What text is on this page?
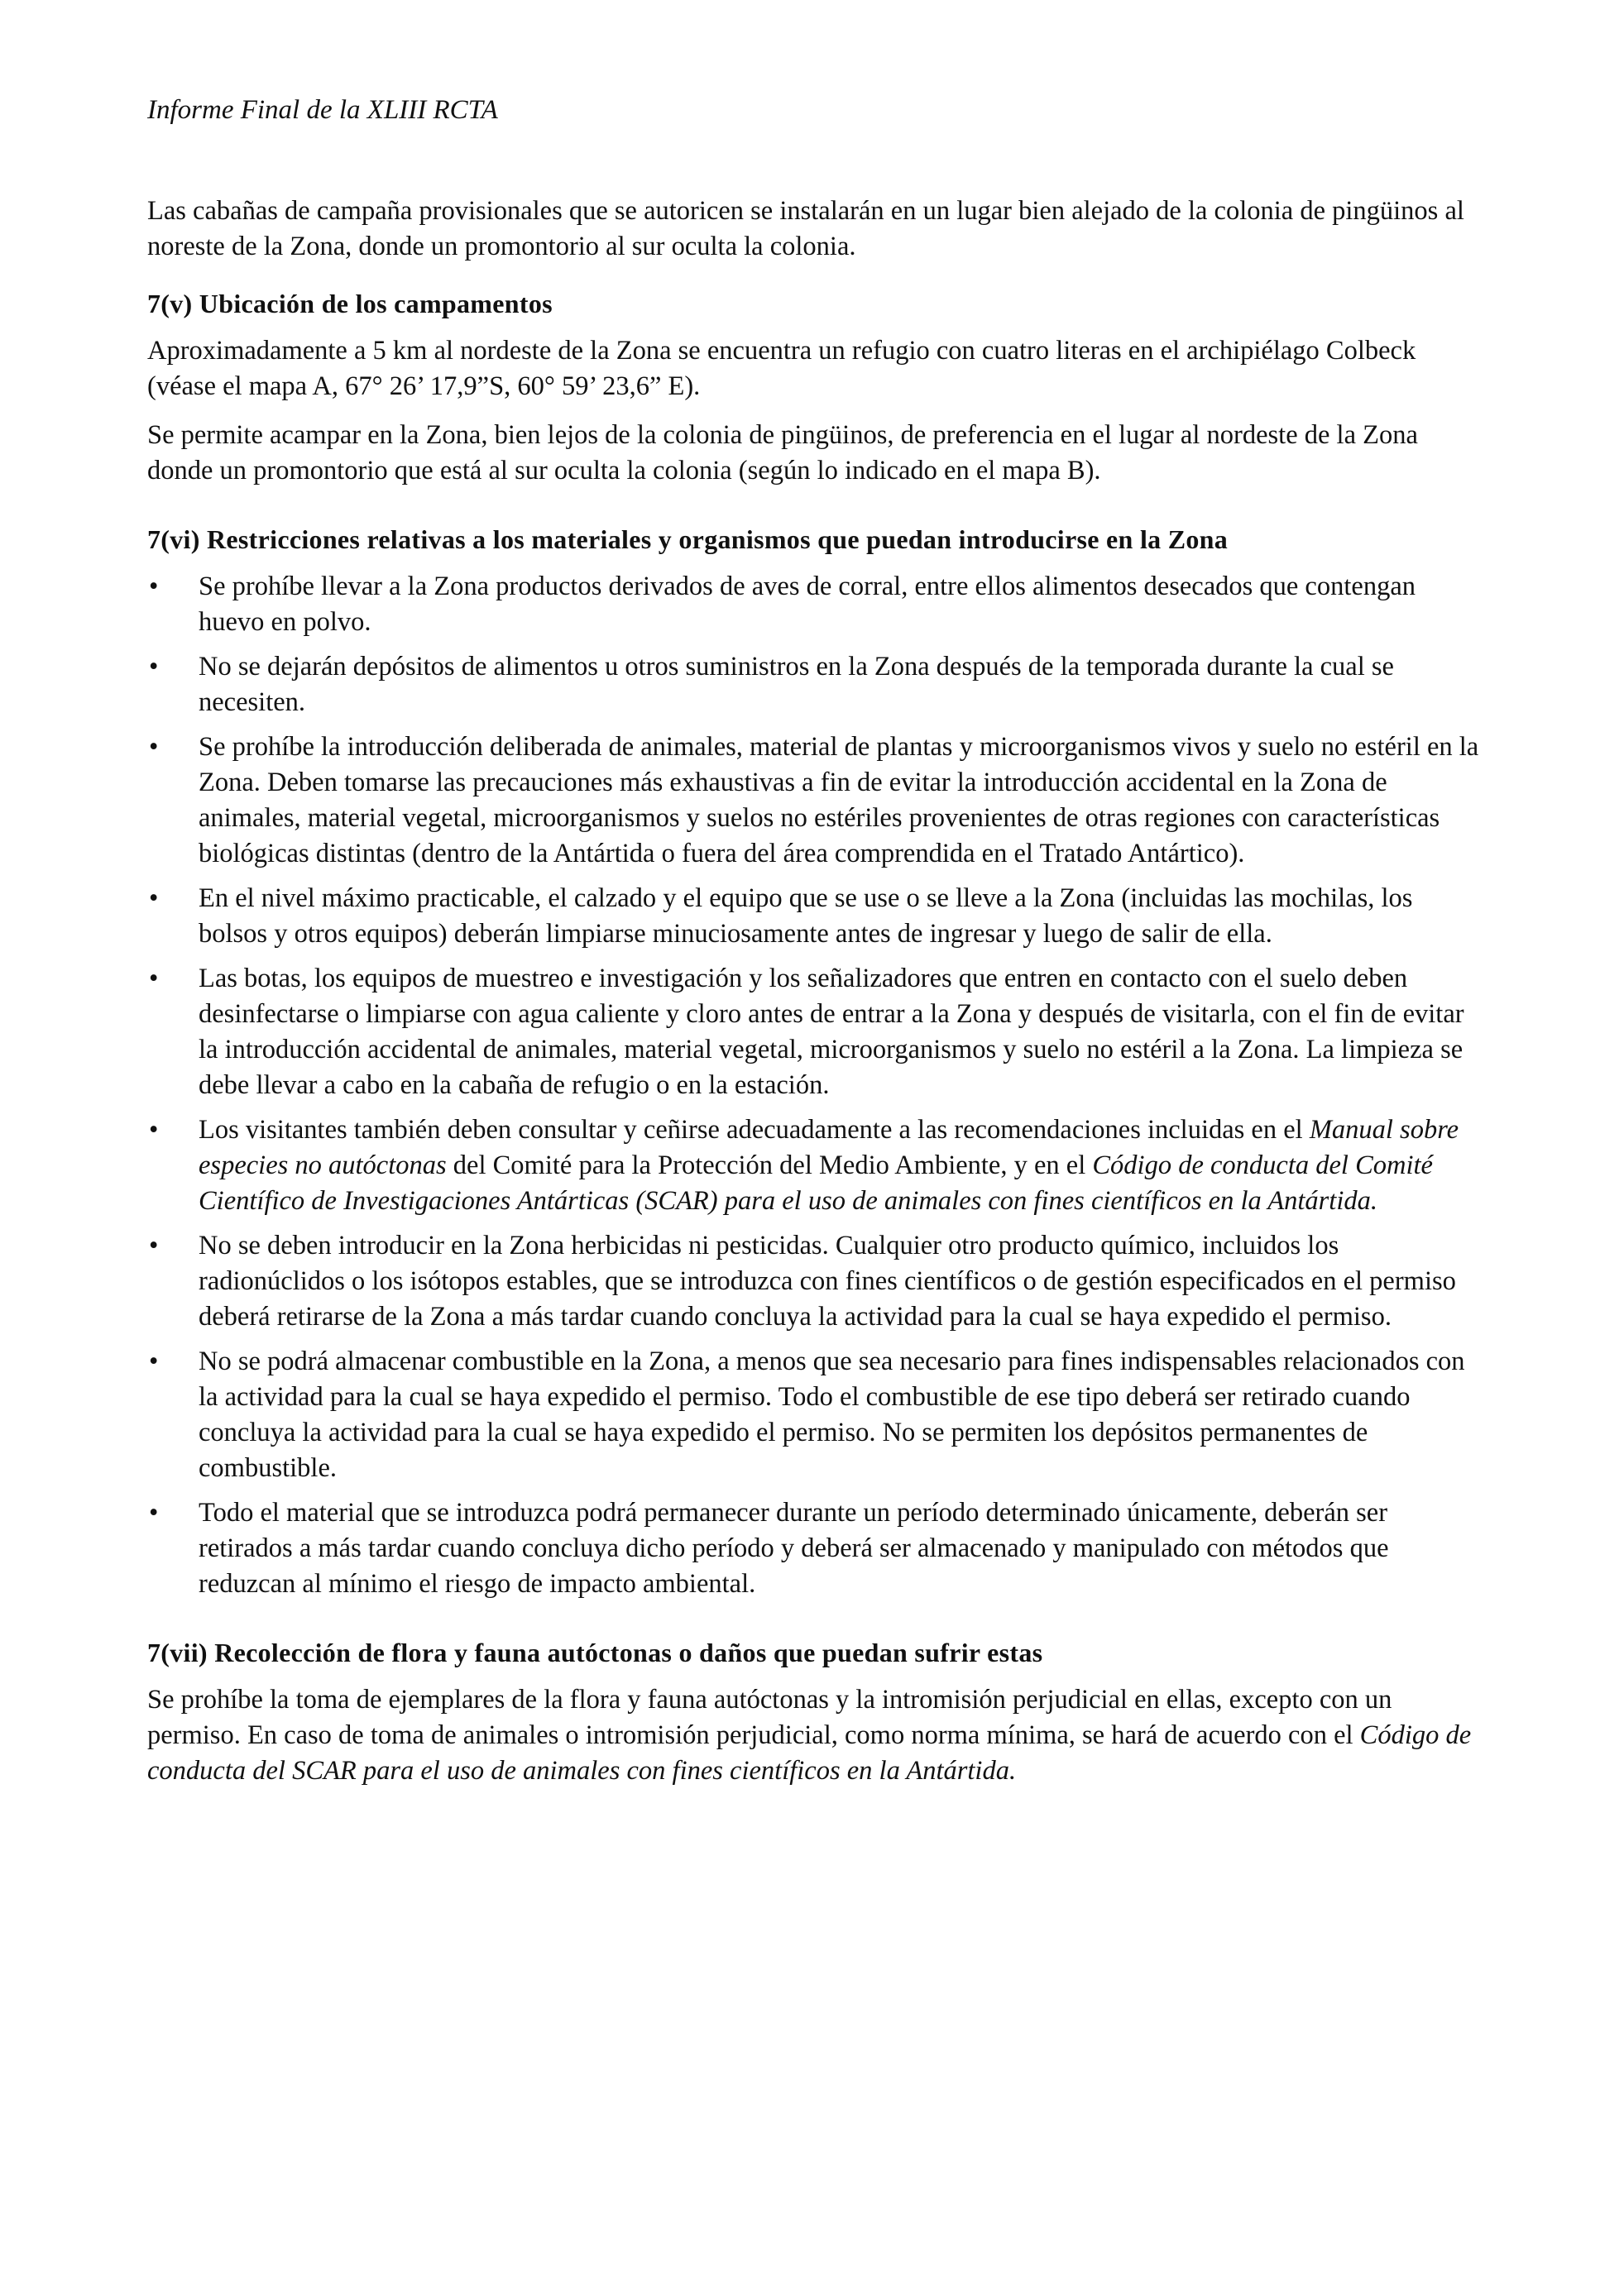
Informe Final de la XLIII RCTA

Las cabañas de campaña provisionales que se autoricen se instalarán en un lugar bien alejado de la colonia de pingüinos al noreste de la Zona, donde un promontorio al sur oculta la colonia.

7(v) Ubicación de los campamentos

Aproximadamente a 5 km al nordeste de la Zona se encuentra un refugio con cuatro literas en el archipiélago Colbeck (véase el mapa A, 67° 26’ 17,9”S, 60° 59’ 23,6” E).

Se permite acampar en la Zona, bien lejos de la colonia de pingüinos, de preferencia en el lugar al nordeste de la Zona donde un promontorio que está al sur oculta la colonia (según lo indicado en el mapa B).

7(vi) Restricciones relativas a los materiales y organismos que puedan introducirse en la Zona
•	Se prohíbe llevar a la Zona productos derivados de aves de corral, entre ellos alimentos desecados que contengan huevo en polvo.
•	No se dejarán depósitos de alimentos u otros suministros en la Zona después de la temporada durante la cual se necesiten.
•	Se prohíbe la introducción deliberada de animales, material de plantas y microorganismos vivos y suelo no estéril en la Zona. Deben tomarse las precauciones más exhaustivas a fin de evitar la introducción accidental en la Zona de animales, material vegetal, microorganismos y suelos no estériles provenientes de otras regiones con características biológicas distintas (dentro de la Antártida o fuera del área comprendida en el Tratado Antártico).
•	En el nivel máximo practicable, el calzado y el equipo que se use o se lleve a la Zona (incluidas las mochilas, los bolsos y otros equipos) deberán limpiarse minuciosamente antes de ingresar y luego de salir de ella.
•	Las botas, los equipos de muestreo e investigación y los señalizadores que entren en contacto con el suelo deben desinfectarse o limpiarse con agua caliente y cloro antes de entrar a la Zona y después de visitarla, con el fin de evitar la introducción accidental de animales, material vegetal, microorganismos y suelo no estéril a la Zona. La limpieza se debe llevar a cabo en la cabaña de refugio o en la estación.
•	Los visitantes también deben consultar y ceñirse adecuadamente a las recomendaciones incluidas en el Manual sobre especies no autóctonas del Comité para la Protección del Medio Ambiente, y en el Código de conducta del Comité Científico de Investigaciones Antárticas (SCAR) para el uso de animales con fines científicos en la Antártida.
•	No se deben introducir en la Zona herbicidas ni pesticidas. Cualquier otro producto químico, incluidos los radionúclidos o los isótopos estables, que se introduzca con fines científicos o de gestión especificados en el permiso deberá retirarse de la Zona a más tardar cuando concluya la actividad para la cual se haya expedido el permiso.
•	No se podrá almacenar combustible en la Zona, a menos que sea necesario para fines indispensables relacionados con la actividad para la cual se haya expedido el permiso. Todo el combustible de ese tipo deberá ser retirado cuando concluya la actividad para la cual se haya expedido el permiso. No se permiten los depósitos permanentes de combustible.
•	Todo el material que se introduzca podrá permanecer durante un período determinado únicamente, deberán ser retirados a más tardar cuando concluya dicho período y deberá ser almacenado y manipulado con métodos que reduzcan al mínimo el riesgo de impacto ambiental.
7(vii) Recolección de flora y fauna autóctonas o daños que puedan sufrir estas

Se prohíbe la toma de ejemplares de la flora y fauna autóctonas y la intromisión perjudicial en ellas, excepto con un permiso. En caso de toma de animales o intromisión perjudicial, como norma mínima, se hará de acuerdo con el Código de conducta del SCAR para el uso de animales con fines científicos en la Antártida.
